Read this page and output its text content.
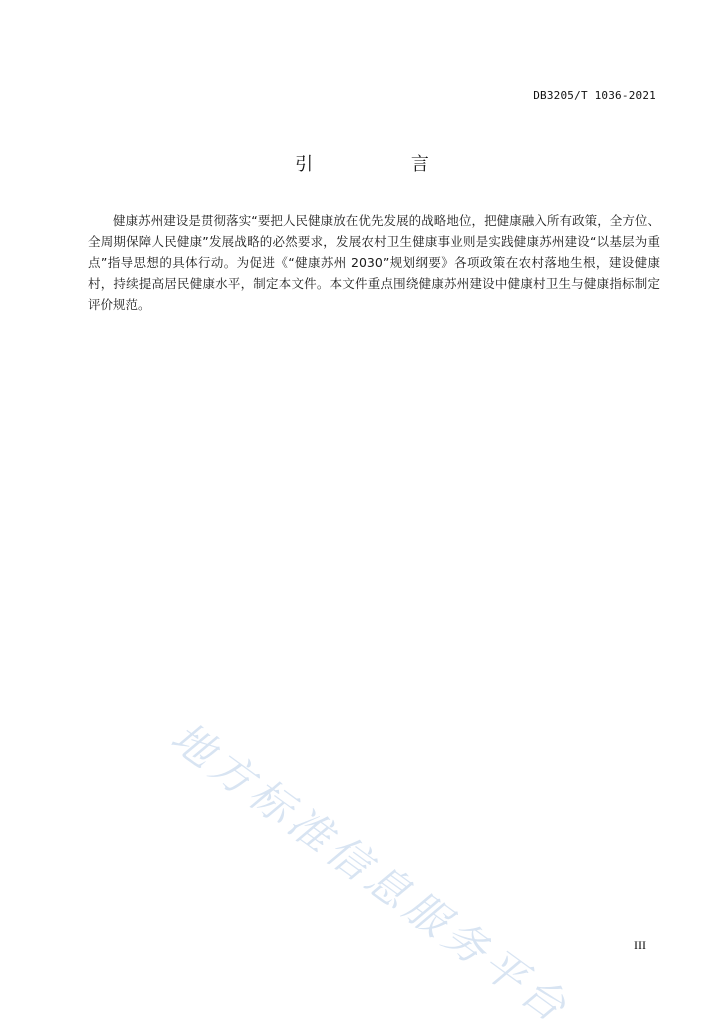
DB3205/T 1036-2021
引 言

健康苏州建设是贯彻落实“要把人民健康放在优先发展的战略地位，把健康融入所有政策，全方位、全周期保障人民健康”发展战略的必然要求，发展农村卫生健康事业则是实践健康苏州建设“以基层为重点”指导思想的具体行动。为促进《“健康苏州 2030”规划纲要》各项政策在农村落地生根，建设健康村，持续提高居民健康水平，制定本文件。本文件重点围绕健康苏州建设中健康村卫生与健康指标制定评价规范。

地方标准信息服务平台	III
